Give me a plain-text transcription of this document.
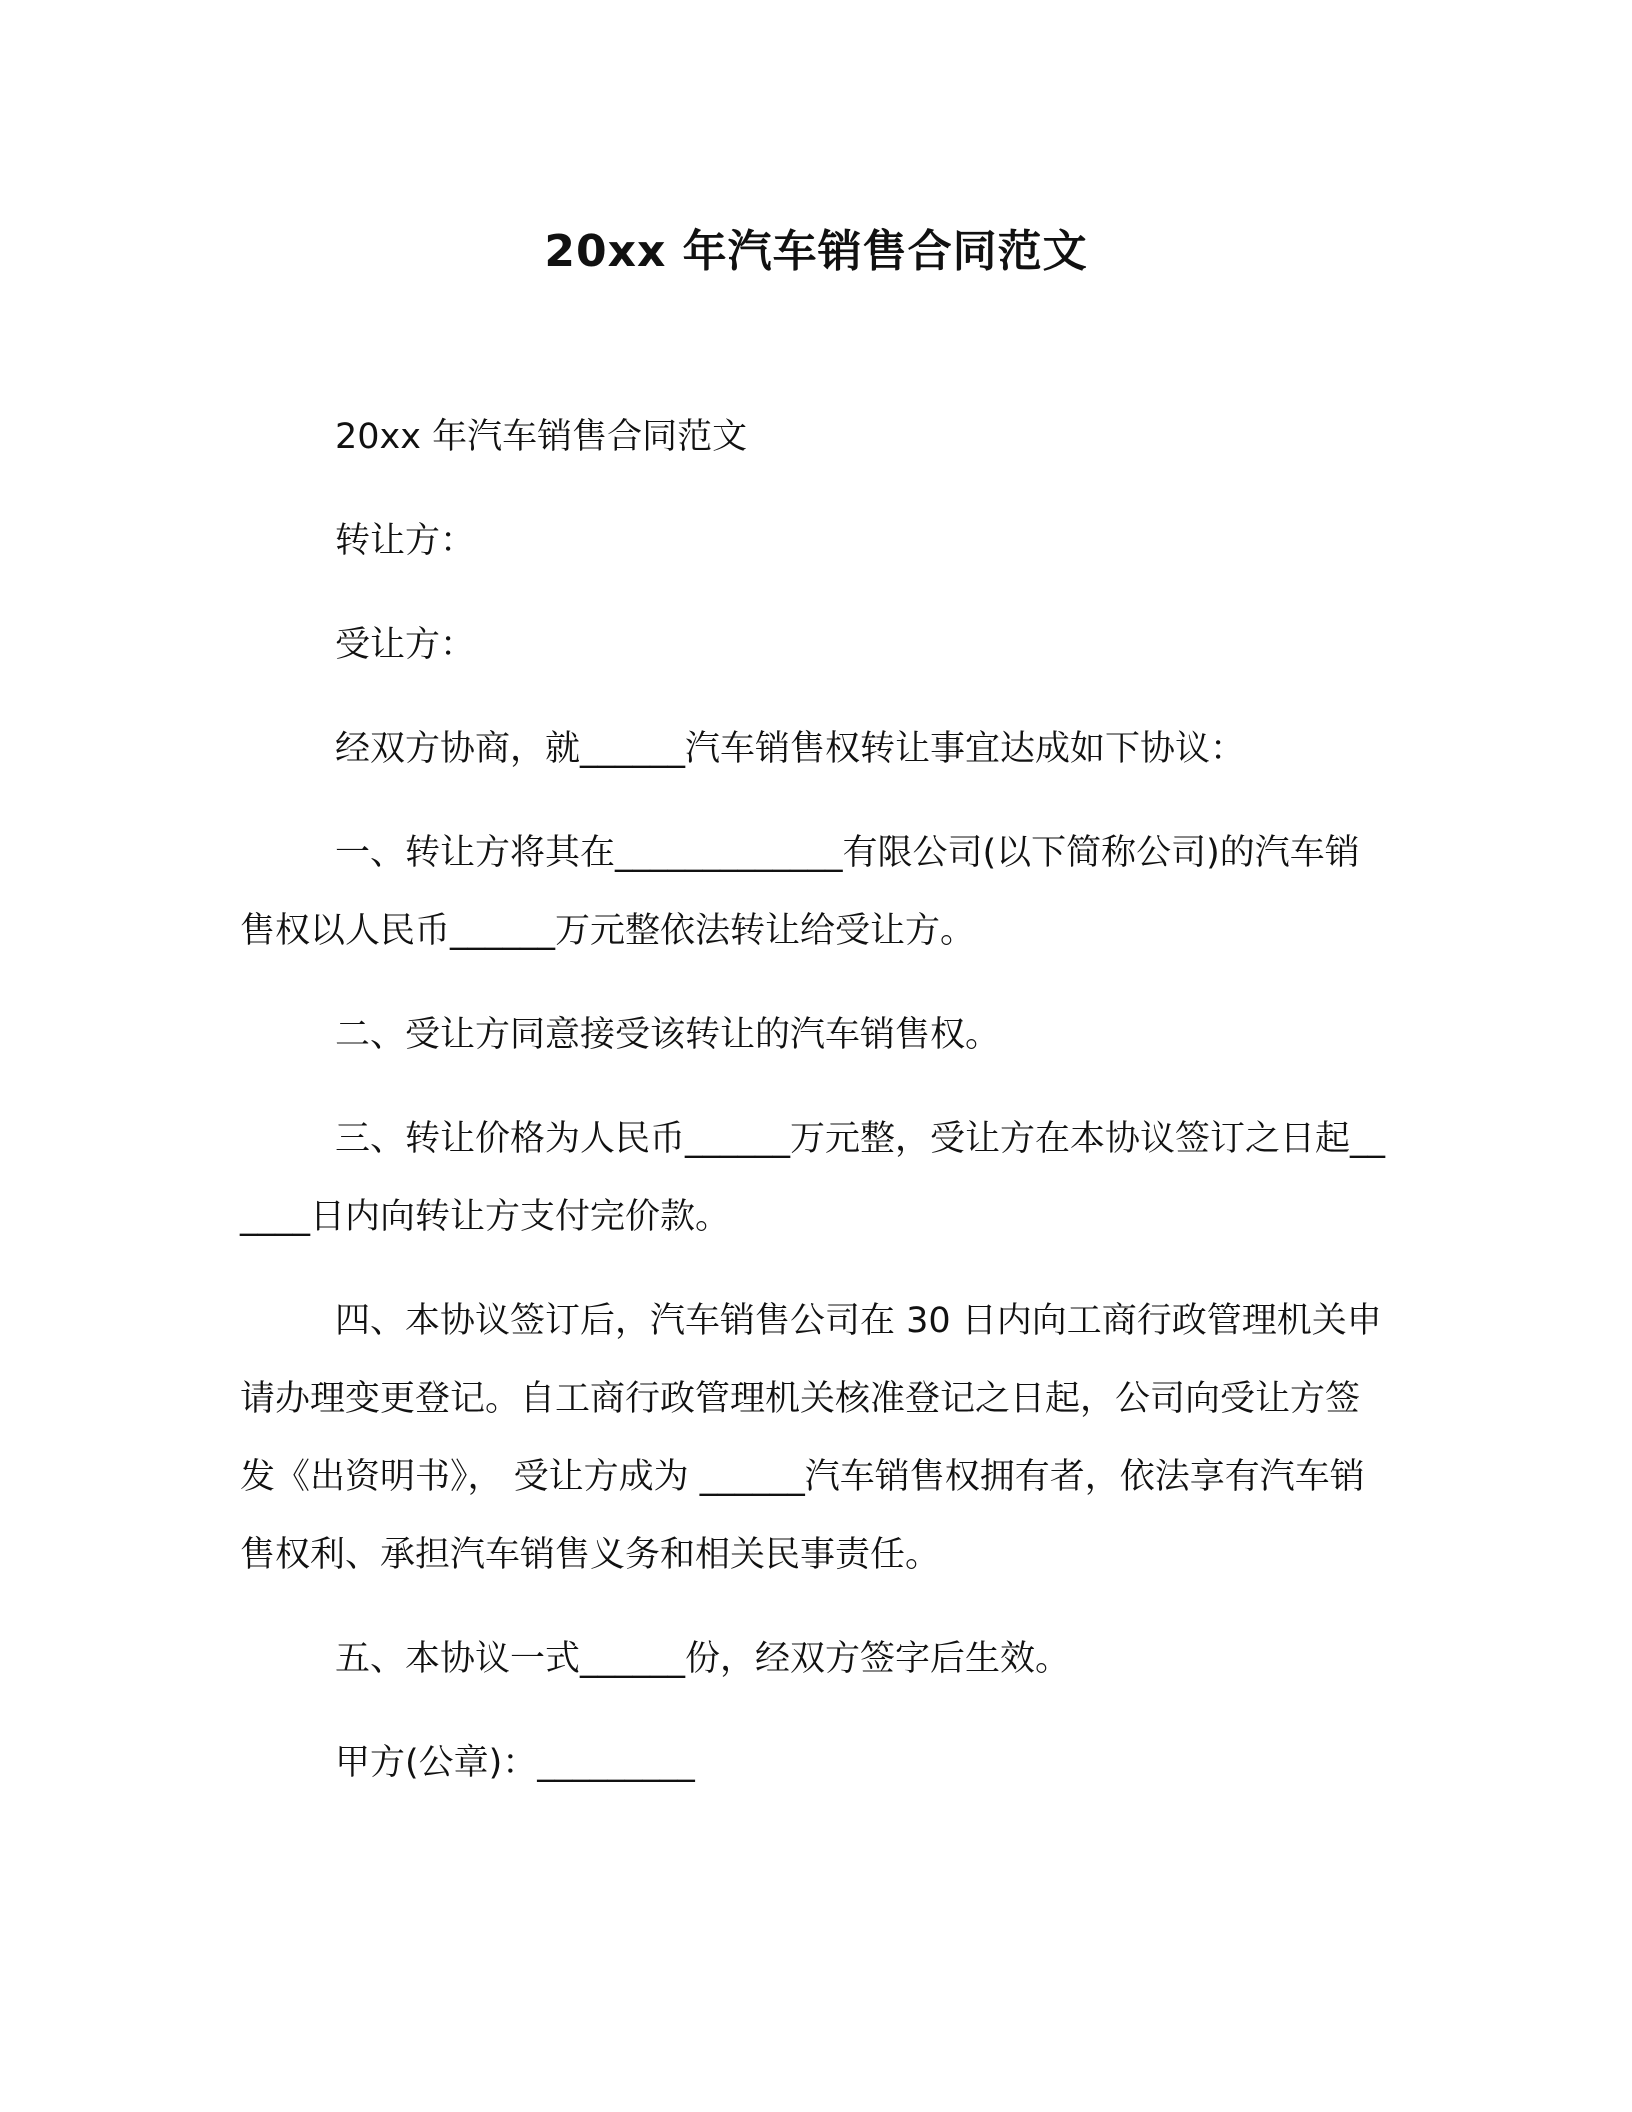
20xx 年汽车销售合同范文

20xx 年汽车销售合同范文

转让方：

受让方：

经双方协商，就______汽车销售权转让事宜达成如下协议：

一、转让方将其在_____________有限公司(以下简称公司)的汽车销售权以人民币______万元整依法转让给受让方。

二、受让方同意接受该转让的汽车销售权。

三、转让价格为人民币______万元整，受让方在本协议签订之日起______日内向转让方支付完价款。

四、本协议签订后，汽车销售公司在 30 日内向工商行政管理机关申请办理变更登记。自工商行政管理机关核准登记之日起，公司向受让方签发《出资明书》， 受让方成为 ______汽车销售权拥有者，依法享有汽车销售权利、承担汽车销售义务和相关民事责任。

五、本协议一式______份，经双方签字后生效。

甲方(公章)：_________
